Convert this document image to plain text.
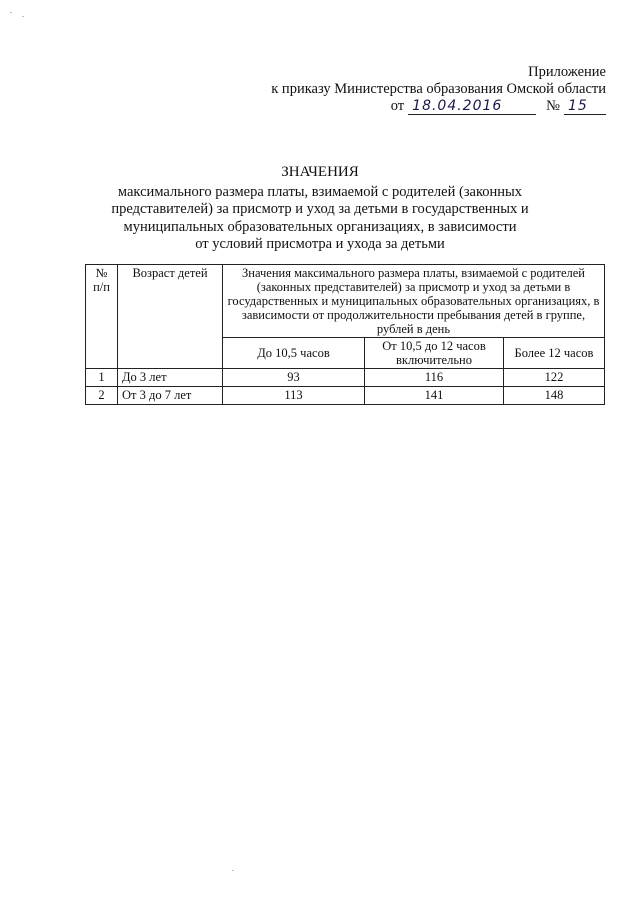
Приложение
к приказу Министерства образования Омской области
от 18.04.2016	№ 15
ЗНАЧЕНИЯ
максимального размера платы, взимаемой с родителей (законных
представителей) за присмотр и уход за детьми в государственных и
муниципальных образовательных организациях, в зависимости
от условий присмотра и ухода за детьми
№ п/п	Возраст детей	Значения максимального размера платы, взимаемой с родителей (законных представителей) за присмотр и уход за детьми в государственных и муниципальных образовательных организациях, в зависимости от продолжительности пребывания детей в группе, рублей в день		
		До 10,5 часов	От 10,5 до 12 часов включительно	Более 12 часов
1	До 3 лет	93	116	122
2	От 3 до 7 лет	113	141	148
